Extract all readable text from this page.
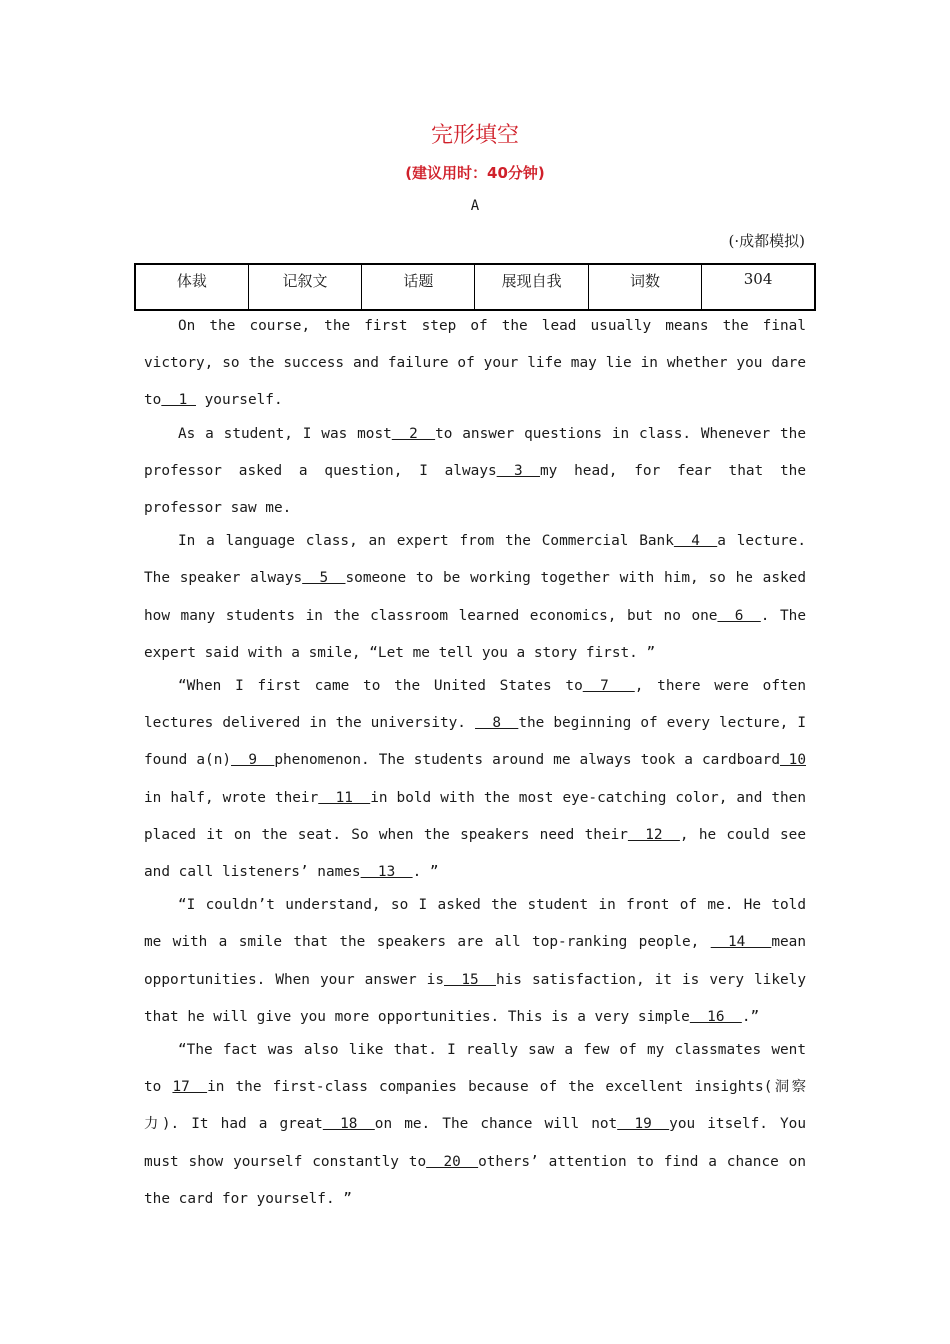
完形填空
(建议用时：40分钟)
A
(·成都模拟)
体裁	记叙文	话题	展现自我	词数	304

On the course, the first step of the lead usually means the final victory, so the success and failure of your life may lie in whether you dare to  1  yourself.

As a student, I was most  2  to answer questions in class. Whenever the professor asked a question, I always  3  my head, for fear that the professor saw me.

In a language class, an expert from the Commercial Bank  4  a lecture. The speaker always  5  someone to be working together with him, so he asked how many students in the classroom learned economics, but no one  6  . The expert said with a smile, “Let me tell you a story first. ”

“When I first came to the United States to  7   , there were often lectures delivered in the university.   8  the beginning of every lecture, I found a(n)  9  phenomenon. The students around me always took a cardboard 10 in half, wrote their  11  in bold with the most eye-catching color, and then placed it on the seat. So when the speakers need their  12  , he could see and call listeners’ names  13  . ”

“I couldn’t understand, so I asked the student in front of me. He told me with a smile that the speakers are all top-ranking people,   14   mean opportunities. When your answer is  15  his satisfaction, it is very likely that he will give you more opportunities. This is a very simple  16  .”

“The fact was also like that. I really saw a few of my classmates went to 17  in the first-class companies because of the excellent insights(洞察力). It had a great  18  on me. The chance will not  19  you itself. You must show yourself constantly to  20  others’ attention to find a chance on the card for yourself. ”
